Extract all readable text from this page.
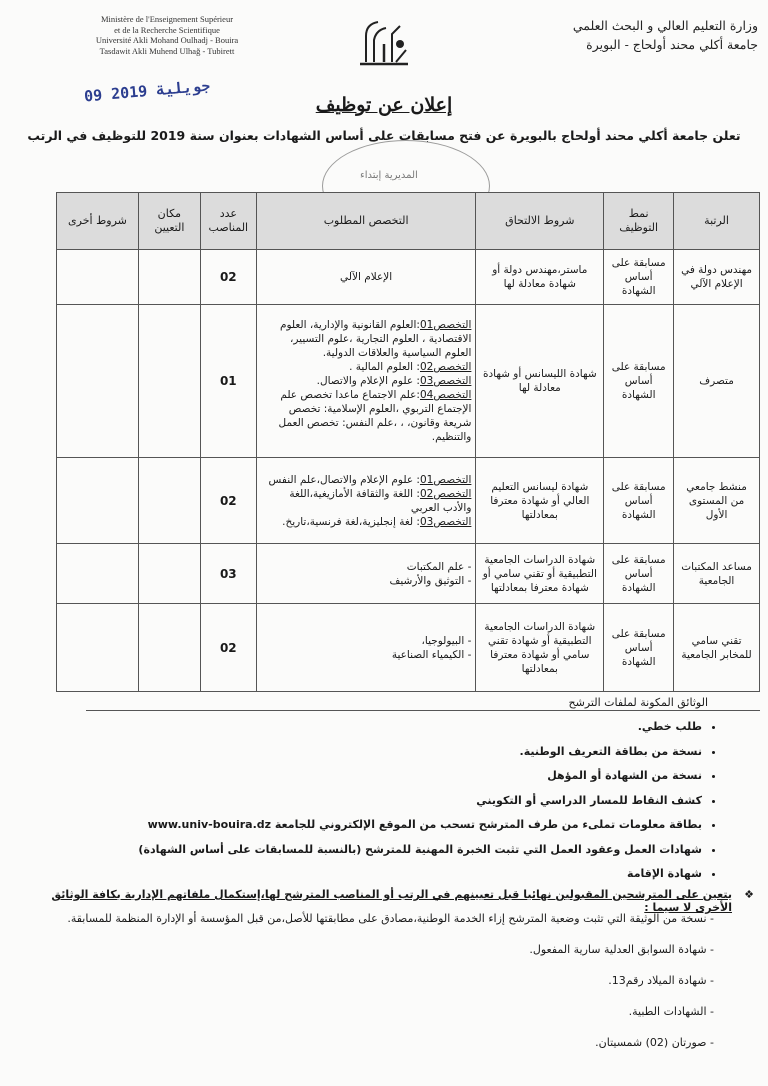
Ministère de l'Enseignement Supérieur
et de la Recherche Scientifique
Université Akli Mohand Oulhadj - Bouira
Tasdawit Akli Muhend Ulhağ - Tubirett
وزارة التعليم العالي و البحث العلمي
جامعة أكلي محند أولحاج - البويرة
09 جويلية 2019
إعلان عن توظيف
تعلن جامعة أكلي محند أولحاج بالبويرة عن فتح مسابقات على أساس الشهادات بعنوان سنة 2019 للتوظيف في الرتب
المديرية إبتداء
الرتبة	نمط التوظيف	شروط الالتحاق	التخصص المطلوب	عدد المناصب	مكان التعيين	شروط أخرى
مهندس دولة في الإعلام الآلي	مسابقة على أساس الشهادة	ماستر،مهندس دولة أو شهادة معادلة لها	الإعلام الآلي	02		
متصرف	مسابقة على أساس الشهادة	شهادة الليسانس أو شهادة معادلة لها	التخصص01:العلوم القانونية والإدارية، العلوم الاقتصادية ، العلوم التجارية ،علوم التسيير، العلوم السياسية والعلاقات الدولية.
التخصص02: العلوم المالية .
التخصص03: علوم الإعلام والاتصال.
التخصص04:علم الاجتماع ماعدا تخصص علم الإجتماع التربوي ،العلوم الإسلامية: تخصص شريعة وقانون، ، ،علم النفس: تخصص العمل والتنظيم.	01		
منشط جامعي من المستوى الأول	مسابقة على أساس الشهادة	شهادة ليسانس التعليم العالي أو شهادة معترفا بمعادلتها	التخصص01: علوم الإعلام والاتصال،علم النفس
التخصص02: اللغة والثقافة الأمازيغية،اللغة والأدب العربي
التخصص03: لغة إنجليزية،لغة فرنسية،تاريخ.	02		
مساعد المكتبات الجامعية	مسابقة على أساس الشهادة	شهادة الدراسات الجامعية التطبيقية أو تقني سامي أو شهادة معترفا بمعادلتها	- علم المكتبات
- التوثيق والأرشيف	03		
تقني سامي للمخابر الجامعية	مسابقة على أساس الشهادة	شهادة الدراسات الجامعية التطبيقية أو شهادة تقني سامي أو شهادة معترفا بمعادلتها	- البيولوجيا،
- الكيمياء الصناعية	02		
الوثائق المكونة لملفات الترشح
• طلب خطي.
• نسخة من بطاقة التعريف الوطنية.
• نسخة من الشهادة أو المؤهل
• كشف النقاط للمسار الدراسي أو التكويني
• بطاقة معلومات تملىء من طرف المترشح تسحب من الموقع الإلكتروني للجامعة www.univ-bouira.dz
• شهادات العمل وعقود العمل التي تثبت الخبرة المهنية للمترشح (بالنسبة للمسابقات على أساس الشهادة)
• شهادة الإقامة
❖
يتعين على المترشحين المقبولين نهائيا قبل تعيينهم في الرتب أو المناصب المترشح لها،إستكمال ملفاتهم الإدارية بكافة الوثائق الأخرى لا سيما :
- نسخة من الوثيقة التي تثبت وضعية المترشح إزاء الخدمة الوطنية،مصادق على مطابقتها للأصل،من قبل المؤسسة أو الإدارة المنظمة للمسابقة.
- شهادة السوابق العدلية سارية المفعول.
- شهادة الميلاد رقم13.
- الشهادات الطبية.
- صورتان (02) شمسيتان.
